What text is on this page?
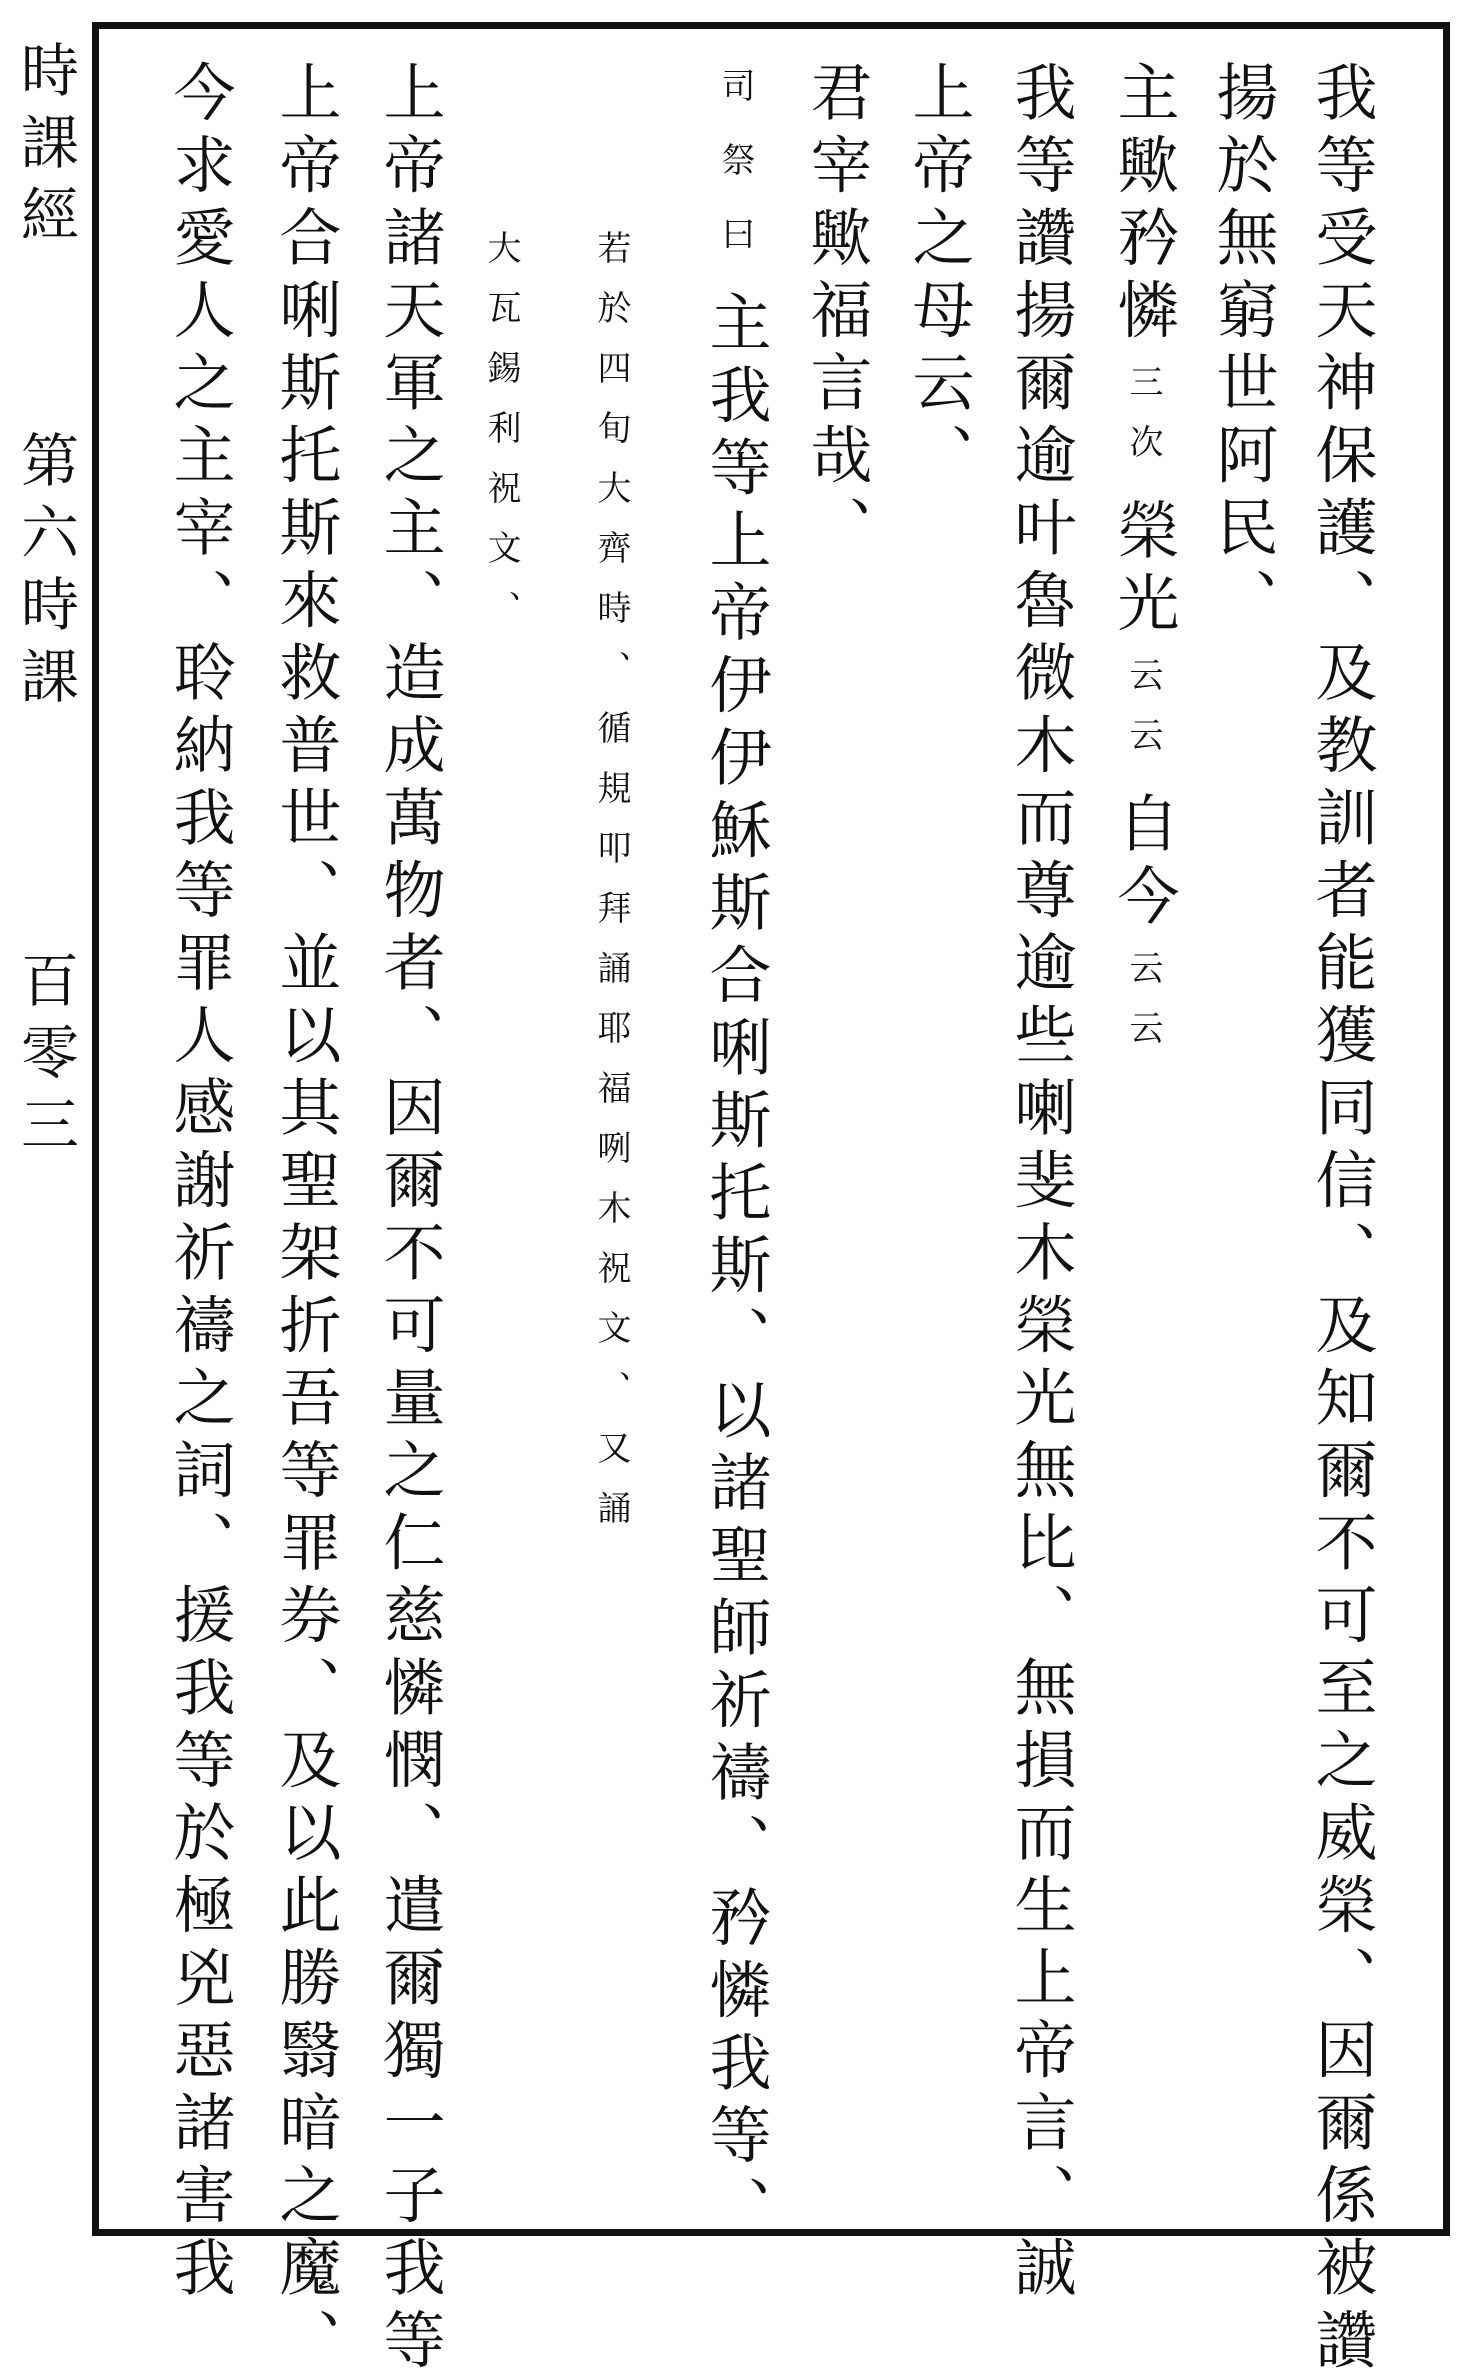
時課經
第六時課
百零三	我等受天神保護、及教訓者能獲同信、及知爾不可至之威榮、因爾係被讚
揚於無窮世阿民、
主歟矜憐三次榮光云云自今云云
我等讚揚爾逾叶魯微木而尊逾些喇斐木榮光無比、無損而生上帝言、誠
上帝之母云、
君宰歟福言哉、
司祭曰主我等上帝伊伊穌斯合唎斯托斯、以諸聖師祈禱、矜憐我等、
若於四旬大齊時、循規叩拜誦耶福咧木祝文、又誦
大瓦錫利祝文、
上帝諸天軍之主、造成萬物者、因爾不可量之仁慈憐憫、遣爾獨一子我等
上帝合唎斯托斯來救普世、並以其聖架折吾等罪券、及以此勝翳暗之魔、
今求愛人之主宰、聆納我等罪人感謝祈禱之詞、援我等於極兇惡諸害我
